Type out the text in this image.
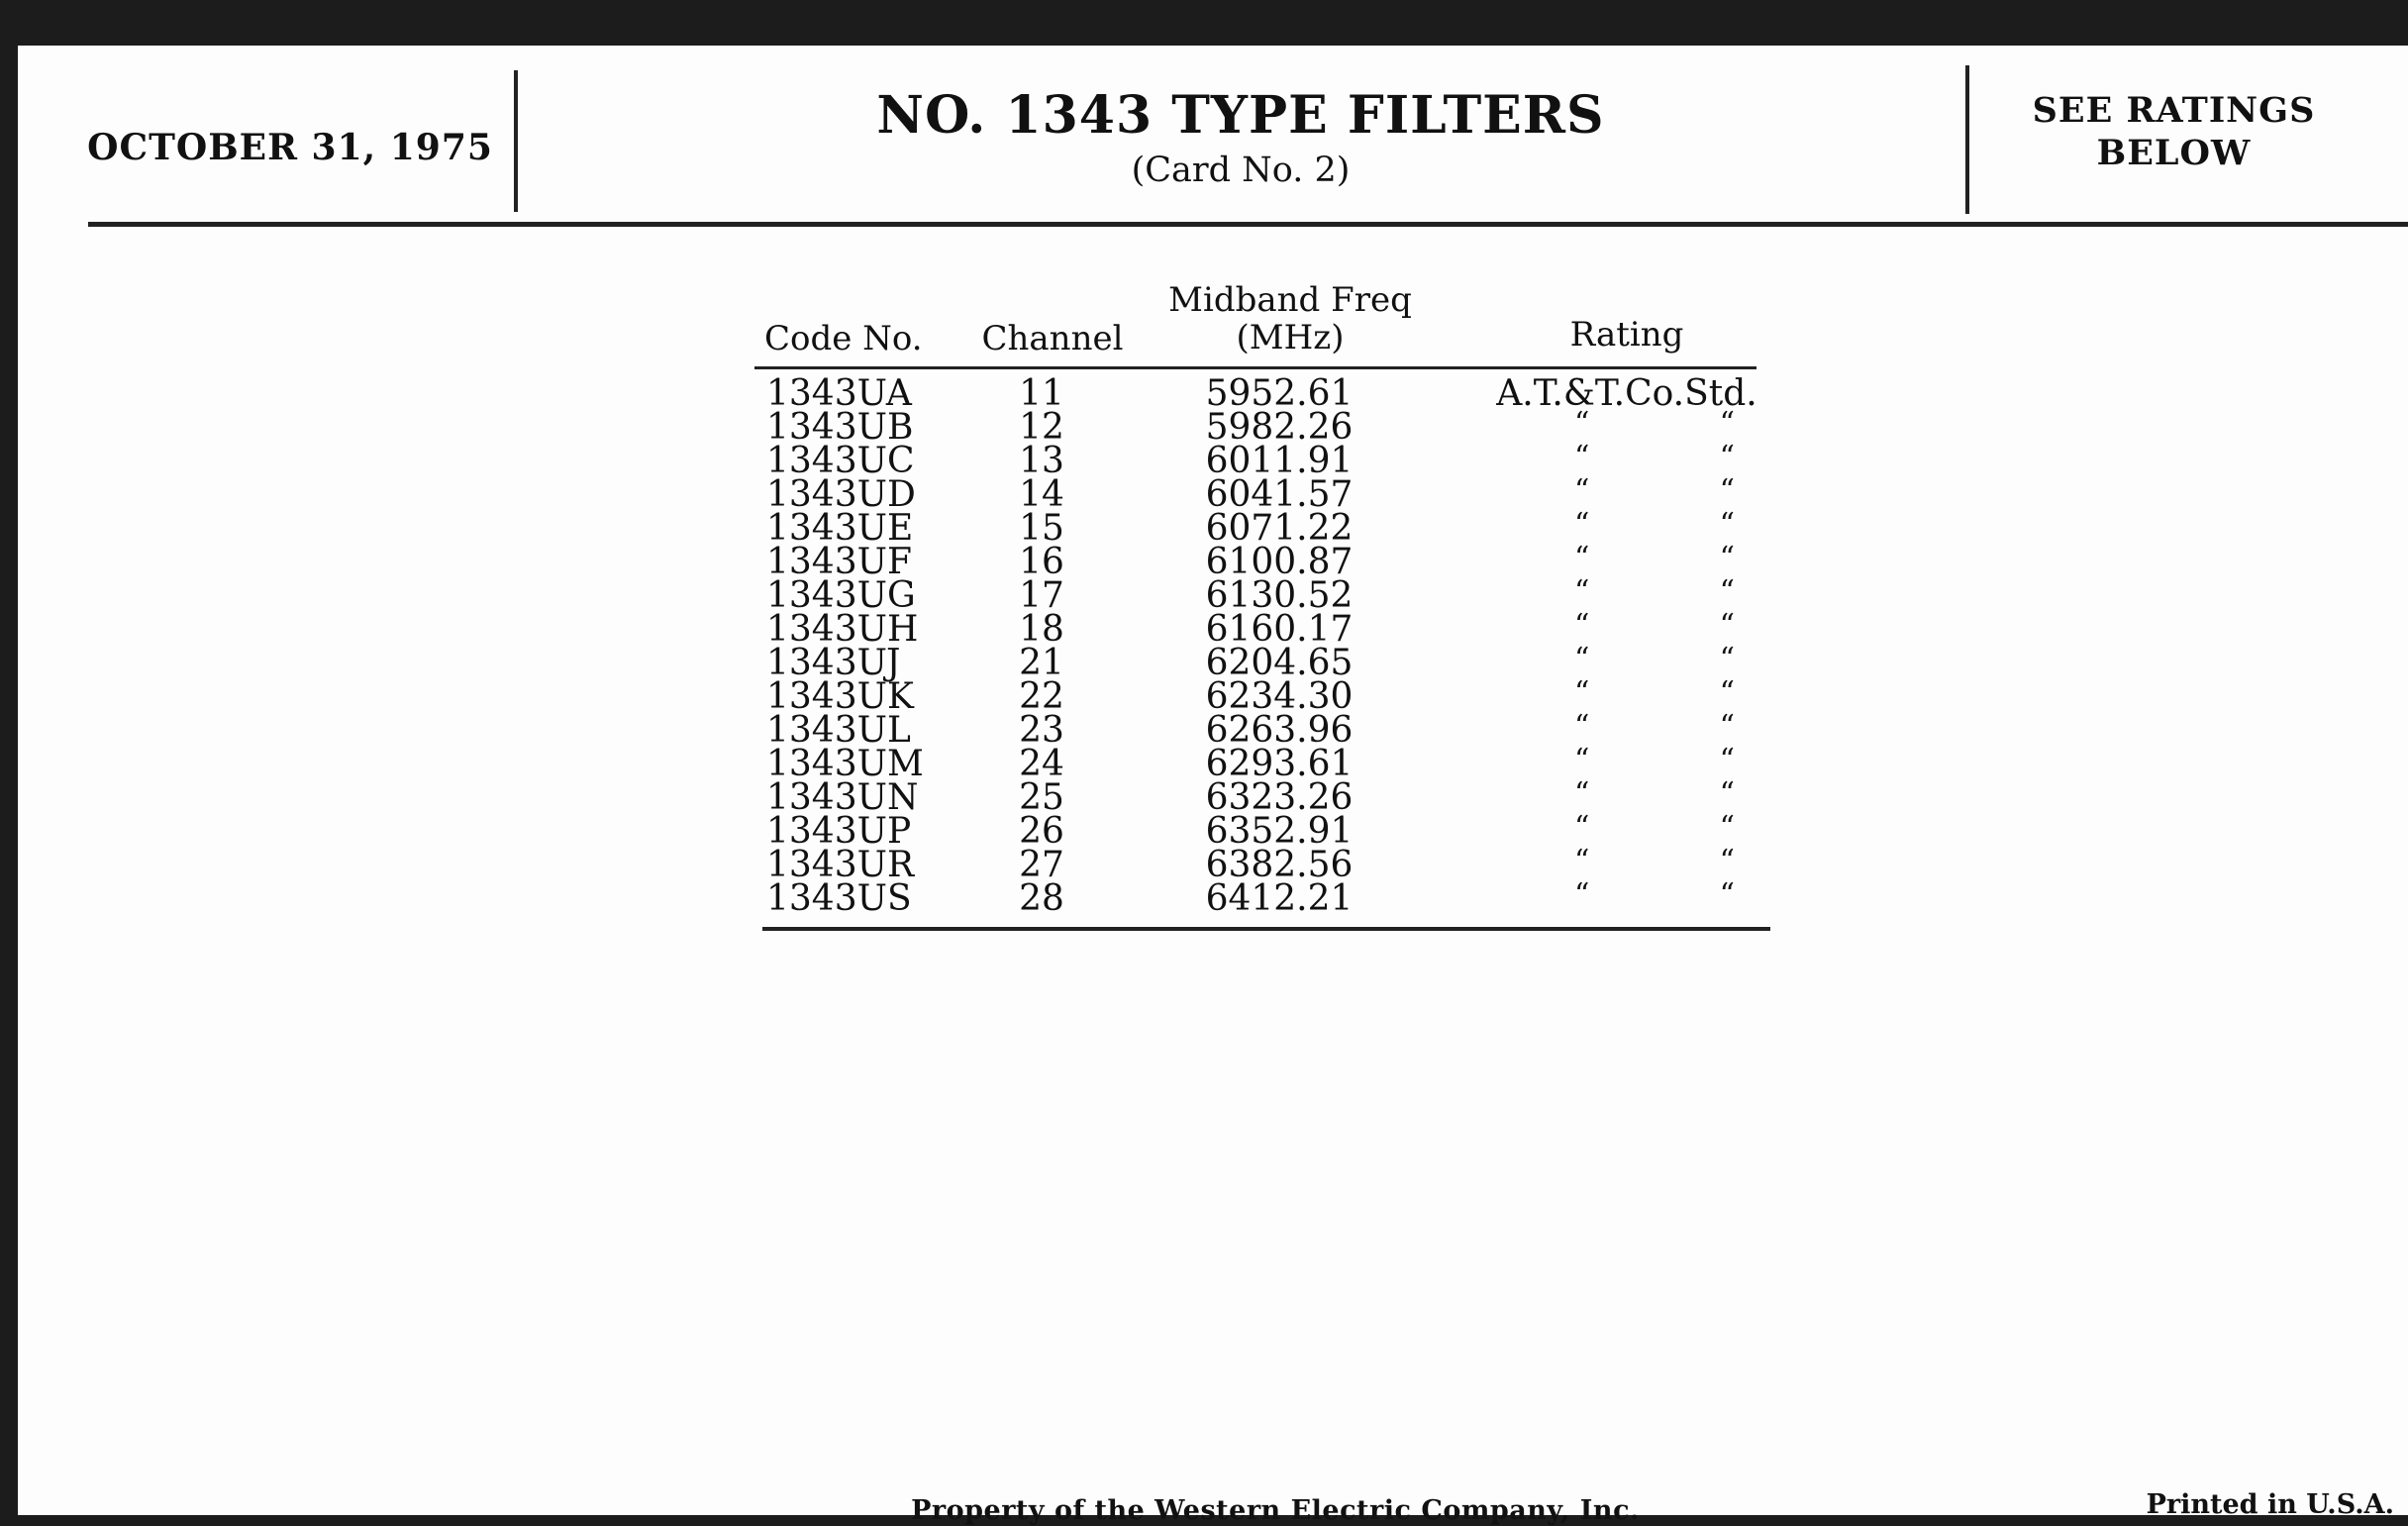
OCTOBER 31, 1975
NO. 1343 TYPE FILTERS
(Card No. 2)
SEE RATINGS
BELOW
Code No.	Channel
Midband Freq
(MHz)	Rating
1343UA	11	5952.61	A.T.&T.Co.Std.
1343UB	12	5982.26	“	“
1343UC	13	6011.91	“	“
1343UD	14	6041.57	“	“
1343UE	15	6071.22	“	“
1343UF	16	6100.87	“	“
1343UG	17	6130.52	“	“
1343UH	18	6160.17	“	“
1343UJ	21	6204.65	“	“
1343UK	22	6234.30	“	“
1343UL	23	6263.96	“	“
1343UM	24	6293.61	“	“
1343UN	25	6323.26	“	“
1343UP	26	6352.91	“	“
1343UR	27	6382.56	“	“
1343US	28	6412.21	“	“
Property of the Western Electric Company, Inc.	Printed in U.S.A.
